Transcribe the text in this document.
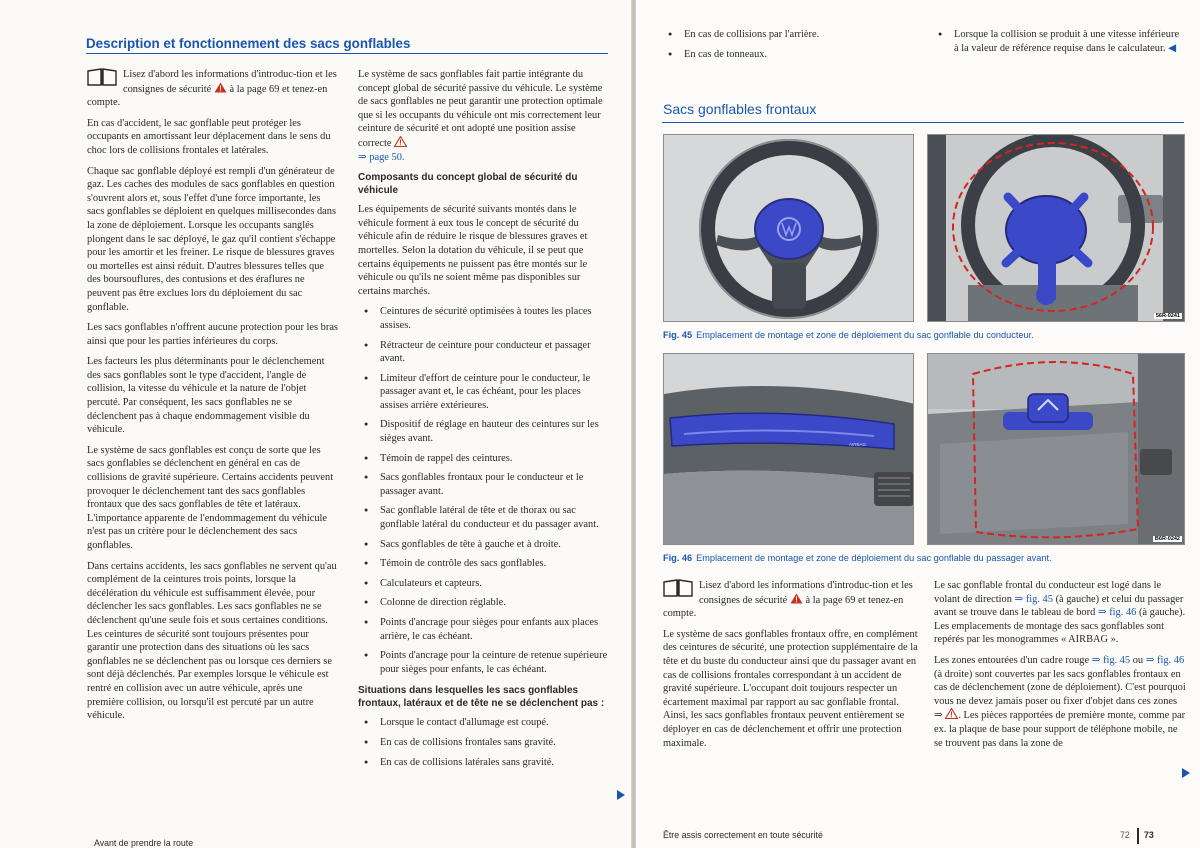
Description et fonctionnement des sacs gonflables

Lisez d'abord les informations d'introduc-tion et les consignes de sécurité à la page 69 et tenez-en compte.

En cas d'accident, le sac gonflable peut protéger les occupants en amortissant leur déplacement dans le sens du choc lors de collisions frontales et latérales.

Chaque sac gonflable déployé est rempli d'un générateur de gaz. Les caches des modules de sacs gonflables en question s'ouvrent alors et, sous l'effet d'une force importante, les sacs gonflables se déploient en quelques millisecondes dans la zone de déploiement. Lorsque les occupants sanglés plongent dans le sac déployé, le gaz qu'il contient s'échappe pour les amortir et les freiner. Le risque de blessures graves ou mortelles est ainsi réduit. D'autres blessures telles que des boursouflures, des contusions et des éraflures ne peuvent pas être exclues lors du déploiement du sac gonflable.

Les sacs gonflables n'offrent aucune protection pour les bras ainsi que pour les parties inférieures du corps.

Les facteurs les plus déterminants pour le déclenchement des sacs gonflables sont le type d'accident, l'angle de collision, la vitesse du véhicule et la nature de l'objet percuté. Par conséquent, les sacs gonflables ne se déclenchent pas à chaque endommagement visible du véhicule.

Le système de sacs gonflables est conçu de sorte que les sacs gonflables se déclenchent en général en cas de collisions de gravité supérieure. Certains accidents peuvent provoquer le déclenchement tant des sacs gonflables frontaux que des sacs gonflables de tête et latéraux. L'importance apparente de l'endommagement du véhicule n'est pas un critère pour le déclenchement des sacs gonflables.

Dans certains accidents, les sacs gonflables ne servent qu'au complément de la ceintures trois points, lorsque la décélération du véhicule est suffisamment élevée, pour déclencher les sacs gonflables. Les sacs gonflables ne se déclenchent qu'une seule fois et sous certaines conditions. Les ceintures de sécurité sont toujours présentes pour garantir une protection dans des situations où les sacs gonflables ne se déclenchent pas ou lorsque ces derniers se sont déjà déclenchés. Par exemples lorsque le véhicule est rentré en collision avec un autre véhicule, après une première collision, ou lorsqu'il est percuté par un autre véhicule.

Le système de sacs gonflables fait partie intégrante du concept global de sécurité passive du véhicule. Le système de sacs gonflables ne peut garantir une protection optimale que si les occupants du véhicule ont mis correctement leur ceinture de sécurité et ont adopté une position assise correcte
⇒ page 50.

Composants du concept global de sécurité du véhicule

Les équipements de sécurité suivants montés dans le véhicule forment à eux tous le concept de sécurité du véhicule afin de réduire le risque de blessures graves et mortelles. Selon la dotation du véhicule, il se peut que certains équipements ne puissent pas être montés sur le véhicule ou qu'ils ne soient même pas disponibles sur certains marchés.

● Ceintures de sécurité optimisées à toutes les places assises.
● Rétracteur de ceinture pour conducteur et passager avant.
● Limiteur d'effort de ceinture pour le conducteur, le passager avant et, le cas échéant, pour les places assises arrière extérieures.
● Dispositif de réglage en hauteur des ceintures sur les sièges avant.
● Témoin de rappel des ceintures.
● Sacs gonflables frontaux pour le conducteur et le passager avant.
● Sac gonflable latéral de tête et de thorax ou sac gonflable latéral du conducteur et du passager avant.
● Sacs gonflables de tête à gauche et à droite.
● Témoin de contrôle des sacs gonflables.
● Calculateurs et capteurs.
● Colonne de direction réglable.
● Points d'ancrage pour sièges pour enfants aux places arrière, le cas échéant.
● Points d'ancrage pour la ceinture de retenue supérieure pour sièges pour enfants, le cas échéant.
Situations dans lesquelles les sacs gonflables frontaux, latéraux et de tête ne se déclenchent pas :
● Lorsque le contact d'allumage est coupé.
● En cas de collisions frontales sans gravité.
● En cas de collisions latérales sans gravité.
Avant de prendre la route
● En cas de collisions par l'arrière.
● En cas de tonneaux.
● Lorsque la collision se produit à une vitesse inférieure à la valeur de référence requise dans le calculateur. ◀
Sacs gonflables frontaux
56R-0241
Fig. 45 Emplacement de montage et zone de déploiement du sac gonflable du conducteur.
AIRBAG
B6R-0242
Fig. 46 Emplacement de montage et zone de déploiement du sac gonflable du passager avant.

Lisez d'abord les informations d'introduc-tion et les consignes de sécurité à la page 69 et tenez-en compte.

Le système de sacs gonflables frontaux offre, en complément des ceintures de sécurité, une protection supplémentaire de la tête et du buste du conducteur ainsi que du passager avant en cas de collisions frontales correspondant à un accident de gravité supérieure. L'occupant doit toujours respecter un écartement maximal par rapport au sac gonflable frontal. Ainsi, les sacs gonflables frontaux peuvent entièrement se déployer en cas de déclenchement et offrir une protection maximale.

Le sac gonflable frontal du conducteur est logé dans le volant de direction ⇒ fig. 45 (à gauche) et celui du passager avant se trouve dans le tableau de bord ⇒ fig. 46 (à gauche). Les emplacements de montage des sacs gonflables sont repérés par les monogrammes « AIRBAG ».

Les zones entourées d'un cadre rouge ⇒ fig. 45 ou ⇒ fig. 46 (à droite) sont couvertes par les sacs gonflables frontaux en cas de déclenchement (zone de déploiement). C'est pourquoi vous ne devez jamais poser ou fixer d'objet dans ces zones ⇒ . Les pièces rapportées de première monte, comme par ex. la plaque de base pour support de téléphone mobile, ne se trouvent pas dans la zone de

Être assis correctement en toute sécurité	72 73
